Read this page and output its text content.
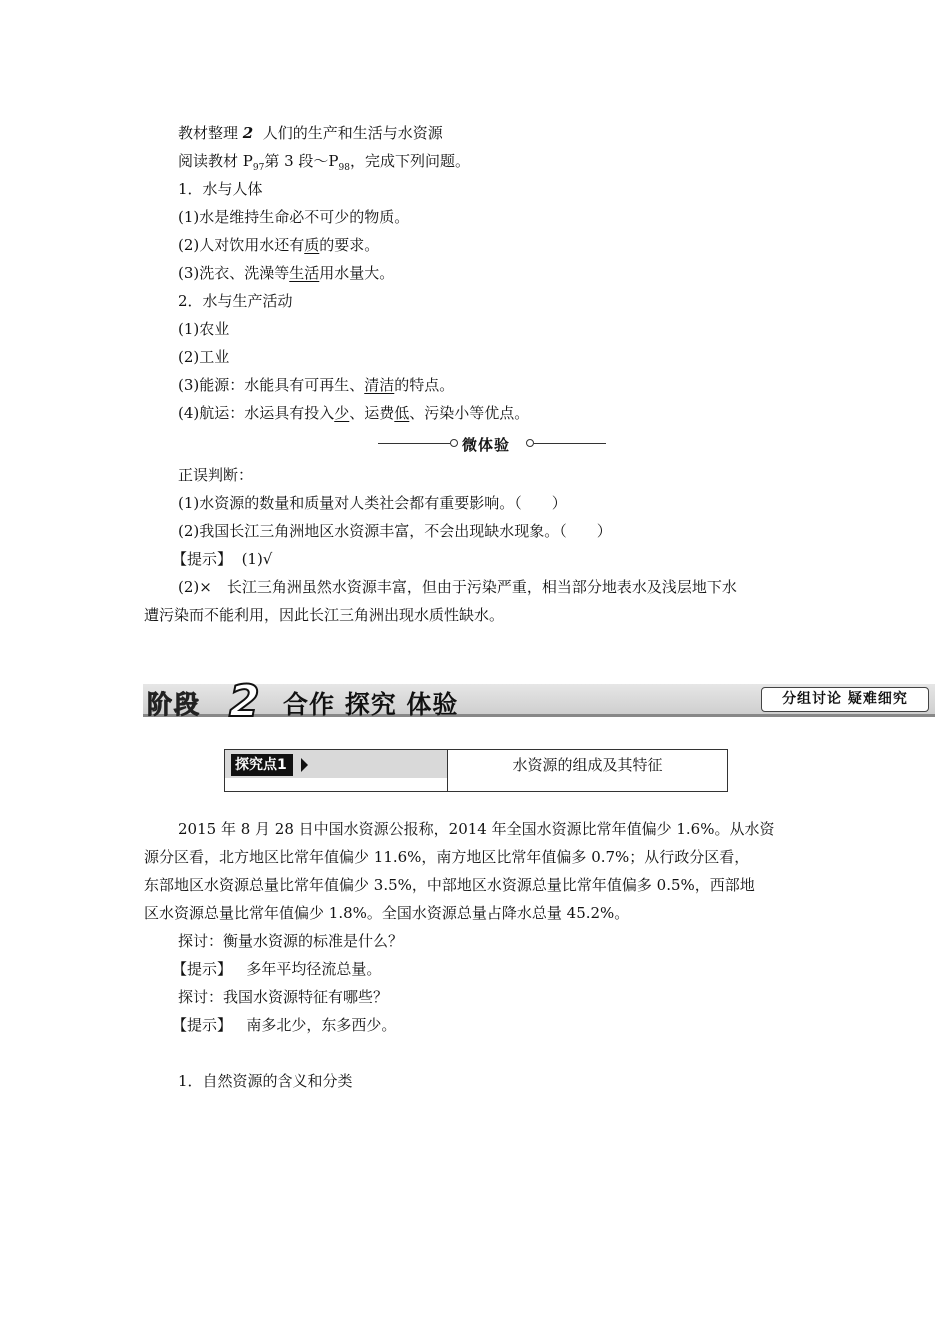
教材整理 2 人们的生产和生活与水资源
阅读教材 $P_{97}$第 3 段$\sim P_{98}$，完成下列问题。
1．水与人体
(1)水是维持生命必不可少的物质。
(2)人对饮用水还有质的要求。
(3)洗衣、洗澡等生活用水量大。
2．水与生产活动
(1)农业
(2)工业
(3)能源：水能具有可再生、清洁的特点。
(4)航运：水运具有投入少、运费低、污染小等优点。
微体验
正误判断：
(1)水资源的数量和质量对人类社会都有重要影响。（　　）
(2)我国长江三角洲地区水资源丰富，不会出现缺水现象。（　　）
【提示】 (1)√
(2)×　长江三角洲虽然水资源丰富，但由于污染严重，相当部分地表水及浅层地下水
遭污染而不能利用，因此长江三角洲出现水质性缺水。
阶段 2 合作 探究 体验	分组讨论 疑难细究
探究点1	水资源的组成及其特征
2015 年 8 月 28 日中国水资源公报称，2014 年全国水资源比常年值偏少 1.6%。从水资
源分区看，北方地区比常年值偏少 11.6%，南方地区比常年值偏多 0.7%；从行政分区看，
东部地区水资源总量比常年值偏少 3.5%，中部地区水资源总量比常年值偏多 0.5%，西部地
区水资源总量比常年值偏少 1.8%。全国水资源总量占降水总量 45.2%。
探讨：衡量水资源的标准是什么？
【提示】 多年平均径流总量。
探讨：我国水资源特征有哪些？
【提示】 南多北少，东多西少。
1．自然资源的含义和分类
